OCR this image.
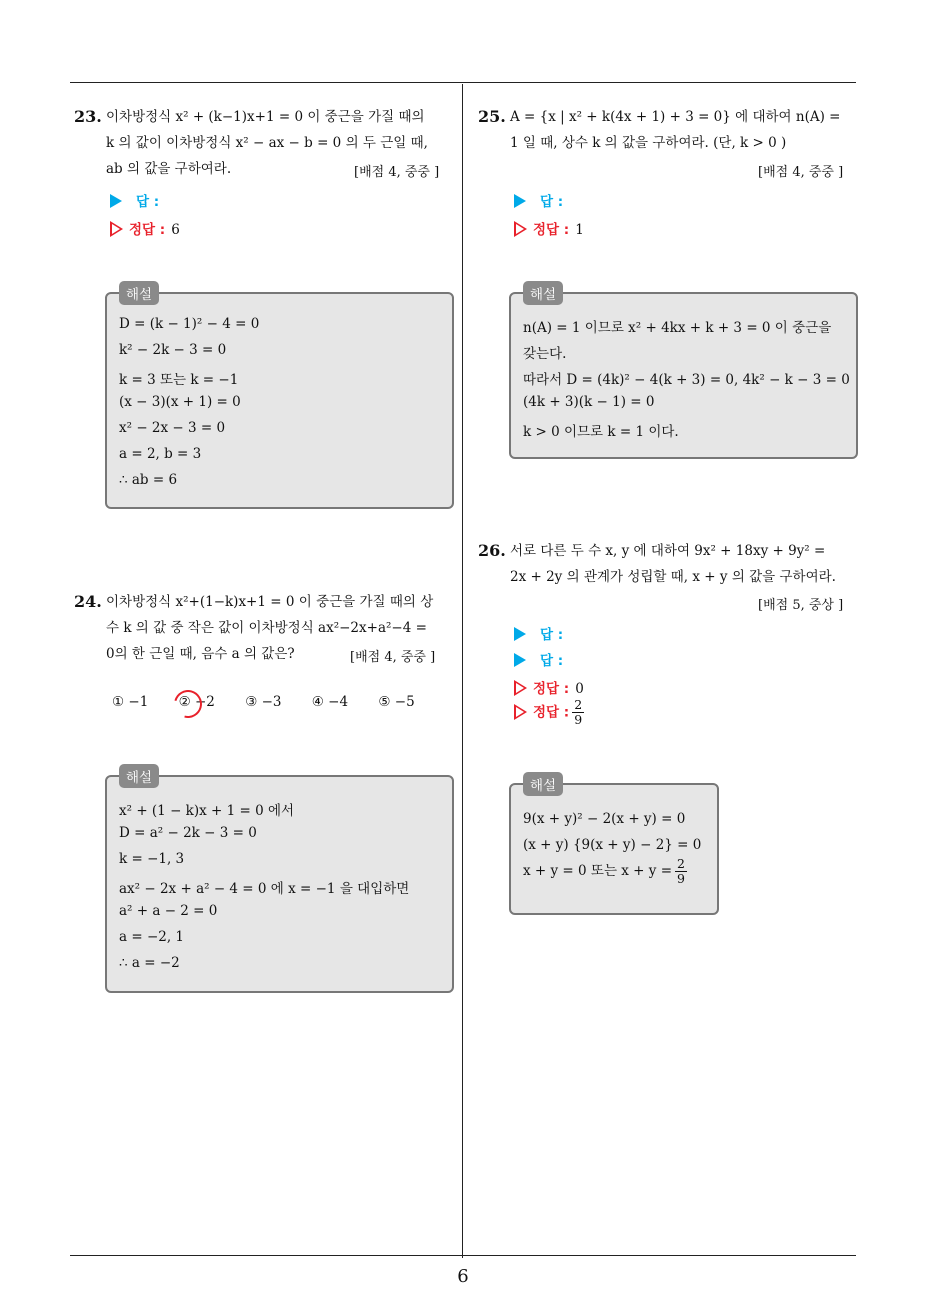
6
23. 이차방정식 x² + (k−1)x+1 = 0 이 중근을 가질 때의
k 의 값이 이차방정식 x² − ax − b = 0 의 두 근일 때,
ab 의 값을 구하여라.	[배점 4, 중중 ]
답 :
정답 : 6
D = (k − 1)² − 4 = 0
k² − 2k − 3 = 0
k = 3 또는 k = −1
(x − 3)(x + 1) = 0
x² − 2x − 3 = 0
a = 2, b = 3
∴ ab = 6
해설
24. 이차방정식 x²+(1−k)x+1 = 0 이 중근을 가질 때의 상
수 k 의 값 중 작은 값이 이차방정식 ax²−2x+a²−4 =
0의 한 근일 때, 음수 a 의 값은?	[배점 4, 중중 ]
① −1 ② −2 ③ −3 ④ −4 ⑤ −5
x² + (1 − k)x + 1 = 0 에서
D = a² − 2k − 3 = 0
k = −1, 3
ax² − 2x + a² − 4 = 0 에 x = −1 을 대입하면
a² + a − 2 = 0
a = −2, 1
∴ a = −2
해설
25. A = {x | x² + k(4x + 1) + 3 = 0} 에 대하여 n(A) =
1 일 때, 상수 k 의 값을 구하여라. (단, k > 0 )
[배점 4, 중중 ]
답 :
정답 : 1
n(A) = 1 이므로 x² + 4kx + k + 3 = 0 이 중근을
갖는다.
따라서 D = (4k)² − 4(k + 3) = 0, 4k² − k − 3 = 0
(4k + 3)(k − 1) = 0
k > 0 이므로 k = 1 이다.
해설
26. 서로 다른 두 수 x, y 에 대하여 9x² + 18xy + 9y² =
2x + 2y 의 관계가 성립할 때, x + y 의 값을 구하여라.
[배점 5, 중상 ]
답 :
답 :
정답 : 0
정답 : $\frac{2}{9}$
9(x + y)² − 2(x + y) = 0
(x + y) {9(x + y) − 2} = 0
x + y = 0 또는 $x + y = \frac{2}{9}$
해설
